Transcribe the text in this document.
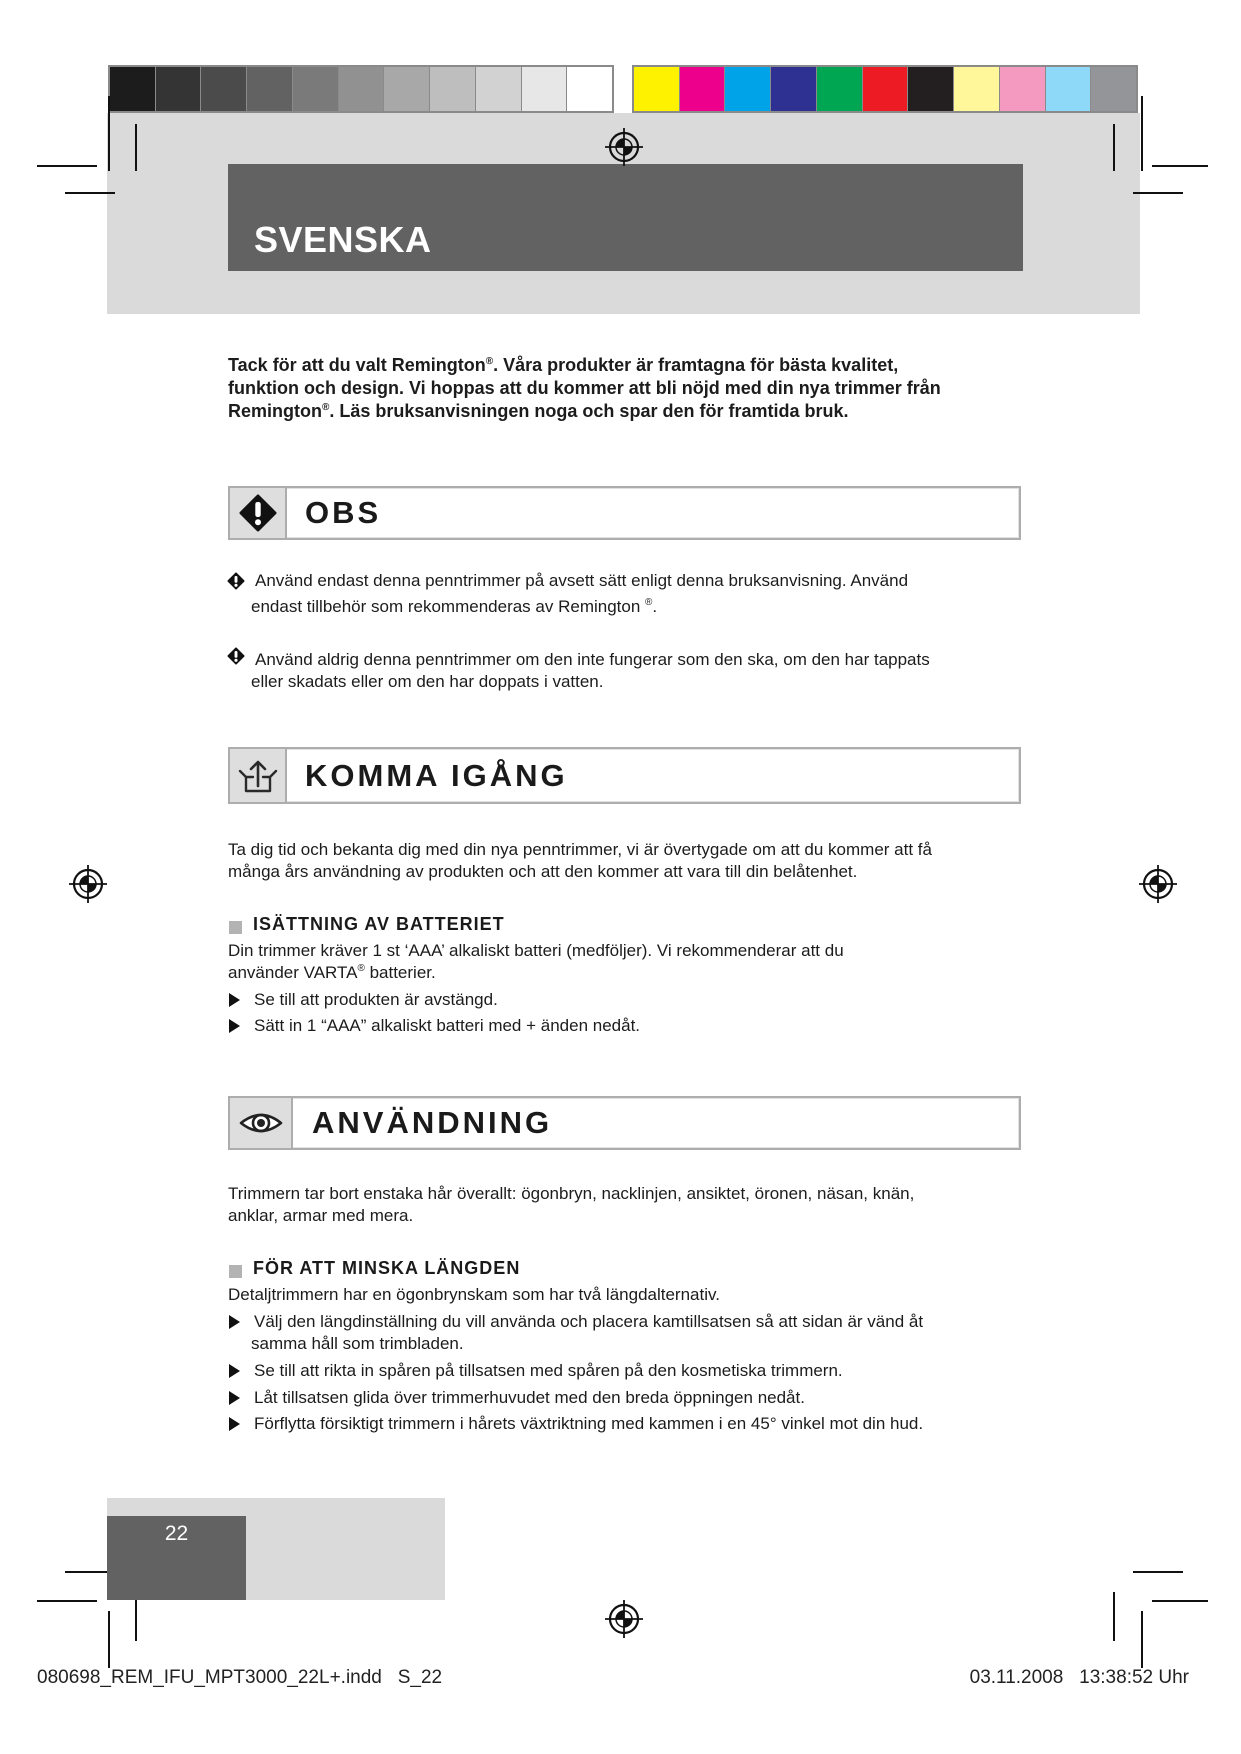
SVENSKA
Tack för att du valt Remington®. Våra produkter är framtagna för bästa kvalitet,
funktion och design. Vi hoppas att du kommer att bli nöjd med din nya trimmer från
Remington®. Läs bruksanvisningen noga och spar den för framtida bruk.
OBS
Använd endast denna penntrimmer på avsett sätt enligt denna bruksanvisning. Använd
endast tillbehör som rekommenderas av Remington ®.
Använd aldrig denna penntrimmer om den inte fungerar som den ska, om den har tappats
eller skadats eller om den har doppats i vatten.
KOMMA IGÅNG
Ta dig tid och bekanta dig med din nya penntrimmer, vi är övertygade om att du kommer att få
många års användning av produkten och att den kommer att vara till din belåtenhet.
ISÄTTNING AV BATTERIET
Din trimmer kräver 1 st ‘AAA’ alkaliskt batteri (medföljer). Vi rekommenderar att du
använder VARTA® batterier.
Se till att produkten är avstängd.
Sätt in 1 “AAA” alkaliskt batteri med + änden nedåt.
ANVÄNDNING
Trimmern tar bort enstaka hår överallt: ögonbryn, nacklinjen, ansiktet, öronen, näsan, knän,
anklar, armar med mera.
FÖR ATT MINSKA LÄNGDEN
Detaljtrimmern har en ögonbrynskam som har två längdalternativ.
Välj den längdinställning du vill använda och placera kamtillsatsen så att sidan är vänd åt
samma håll som trimbladen.
Se till att rikta in spåren på tillsatsen med spåren på den kosmetiska trimmern.
Låt tillsatsen glida över trimmerhuvudet med den breda öppningen nedåt.
Förflytta försiktigt trimmern i hårets växtriktning med kammen i en 45° vinkel mot din hud.
22
080698_REM_IFU_MPT3000_22L+.indd   S_22	03.11.2008   13:38:52 Uhr
